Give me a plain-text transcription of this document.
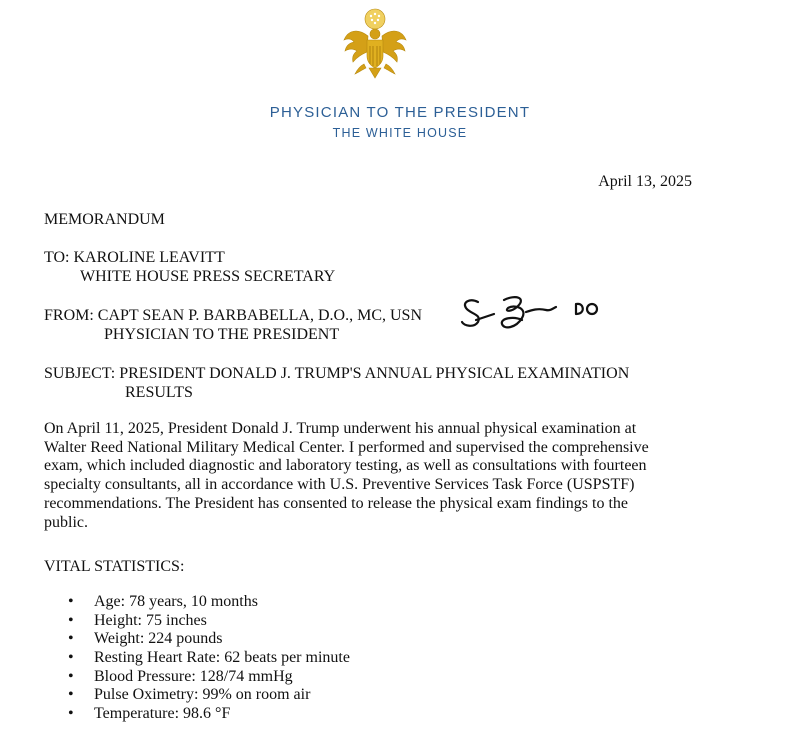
PHYSICIAN TO THE PRESIDENT
THE WHITE HOUSE
April 13, 2025
MEMORANDUM
TO: KAROLINE LEAVITT
WHITE HOUSE PRESS SECRETARY
FROM: CAPT SEAN P. BARBABELLA, D.O., MC, USN
PHYSICIAN TO THE PRESIDENT
SUBJECT: PRESIDENT DONALD J. TRUMP'S ANNUAL PHYSICAL EXAMINATION
RESULTS
On April 11, 2025, President Donald J. Trump underwent his annual physical examination at
Walter Reed National Military Medical Center. I performed and supervised the comprehensive
exam, which included diagnostic and laboratory testing, as well as consultations with fourteen
specialty consultants, all in accordance with U.S. Preventive Services Task Force (USPSTF)
recommendations. The President has consented to release the physical exam findings to the
public.
VITAL STATISTICS:
• Age: 78 years, 10 months
• Height: 75 inches
• Weight: 224 pounds
• Resting Heart Rate: 62 beats per minute
• Blood Pressure: 128/74 mmHg
• Pulse Oximetry: 99% on room air
• Temperature: 98.6 °F
